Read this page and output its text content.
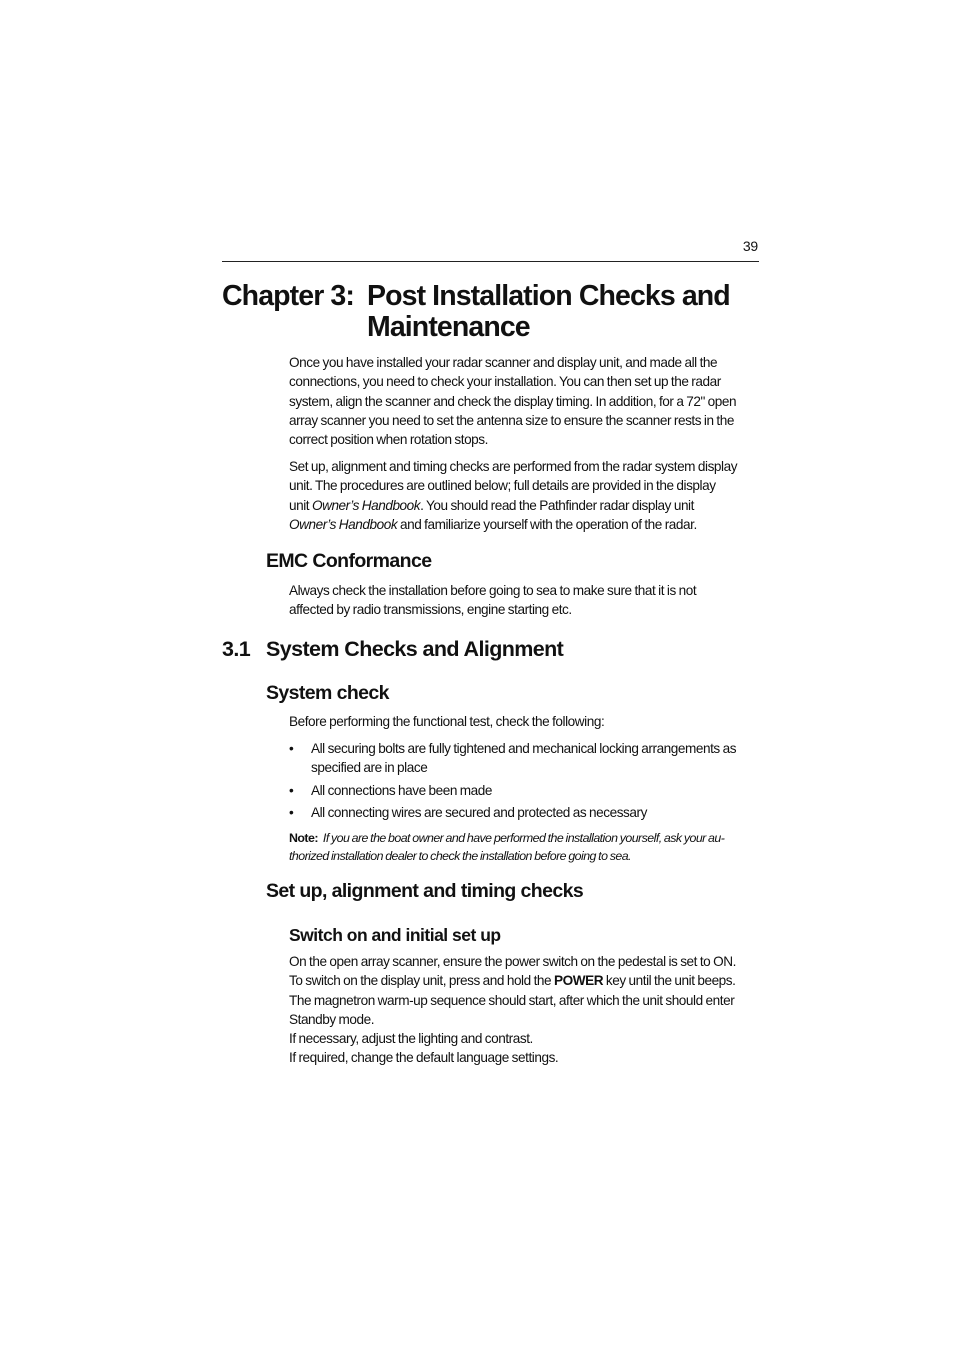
39
Chapter 3: Post Installation Checks and
Maintenance

Once you have installed your radar scanner and display unit, and made all the

connections, you need to check your installation. You can then set up the radar

system, align the scanner and check the display timing. In addition, for a 72" open

array scanner you need to set the antenna size to ensure the scanner rests in the

correct position when rotation stops.

Set up, alignment and timing checks are performed from the radar system display

unit. The procedures are outlined below; full details are provided in the display

unit Owner’s Handbook. You should read the Pathfinder radar display unit

Owner’s Handbook and familiarize yourself with the operation of the radar.

EMC Conformance

Always check the installation before going to sea to make sure that it is not

affected by radio transmissions, engine starting etc.

3.1 System Checks and Alignment
System check

Before performing the functional test, check the following:

• All securing bolts are fully tightened and mechanical locking arrangements as
specified are in place
• All connections have been made
• All connecting wires are secured and protected as necessary

Note: If you are the boat owner and have performed the installation yourself, ask your au-

thorized installation dealer to check the installation before going to sea.

Set up, alignment and timing checks
Switch on and initial set up

On the open array scanner, ensure the power switch on the pedestal is set to ON.

To switch on the display unit, press and hold the POWER key until the unit beeps.

The magnetron warm-up sequence should start, after which the unit should enter

Standby mode.

If necessary, adjust the lighting and contrast.

If required, change the default language settings.
